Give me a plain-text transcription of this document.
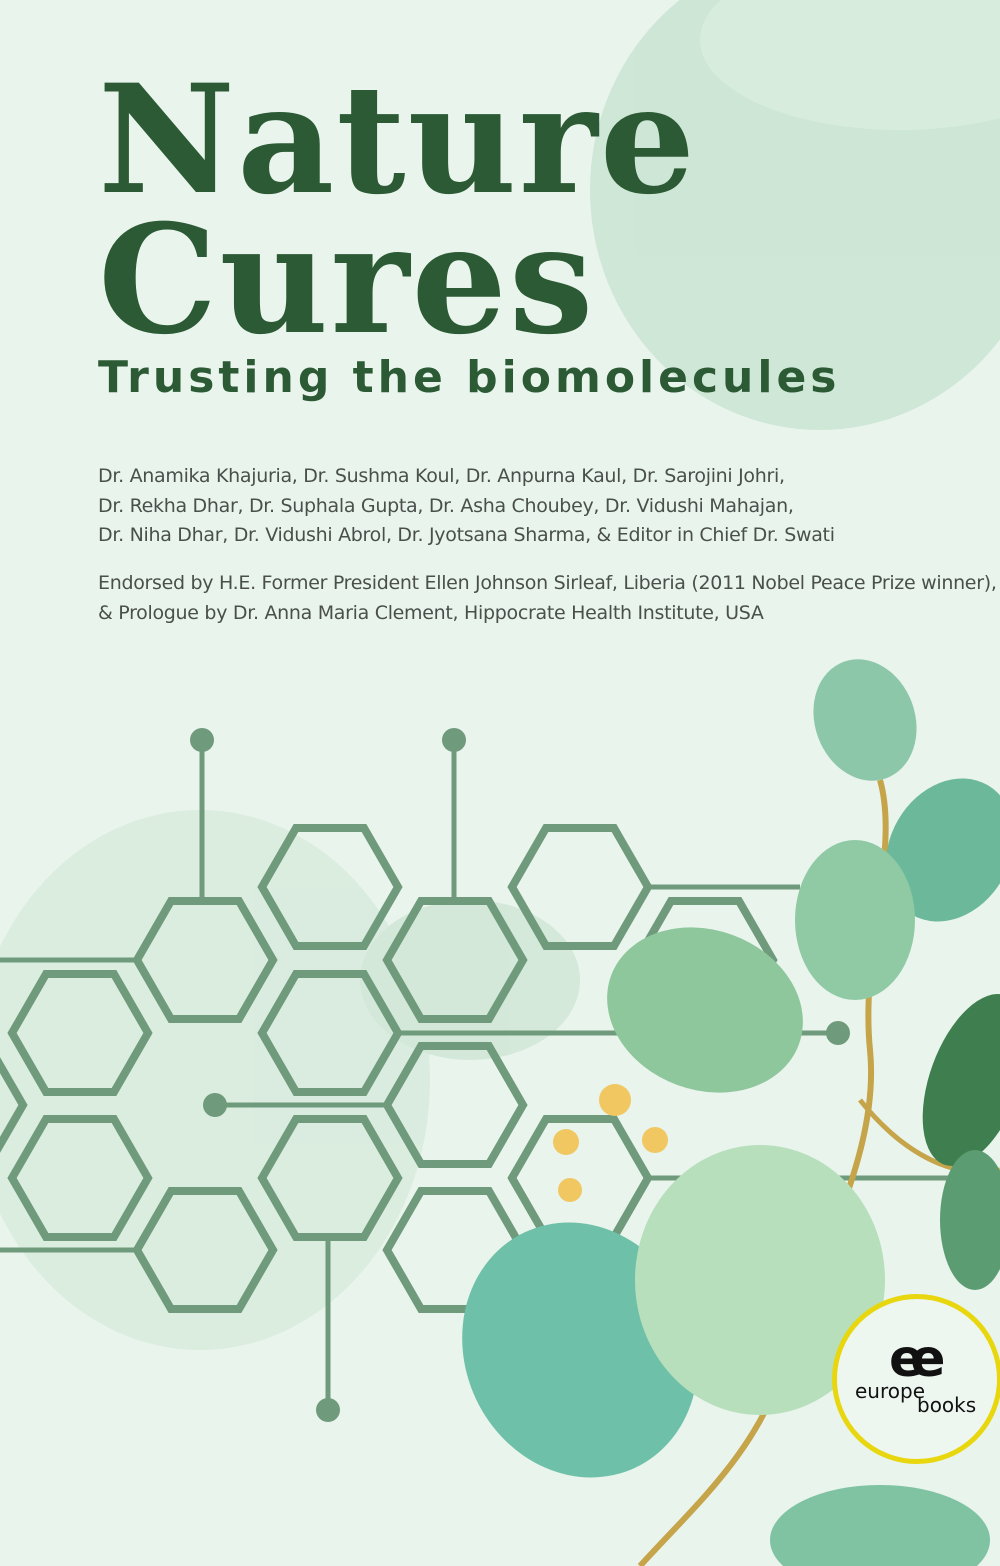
Nature
Cures
Trusting the biomolecules
Dr. Anamika Khajuria, Dr. Sushma Koul, Dr. Anpurna Kaul, Dr. Sarojini Johri,
Dr. Rekha Dhar, Dr. Suphala Gupta, Dr. Asha Choubey, Dr. Vidushi Mahajan,
Dr. Niha Dhar, Dr. Vidushi Abrol, Dr. Jyotsana Sharma, & Editor in Chief Dr. Swati
Endorsed by H.E. Former President Ellen Johnson Sirleaf, Liberia (2011 Nobel Peace Prize winner),
& Prologue by Dr. Anna Maria Clement, Hippocrate Health Institute, USA
ee
europe
books
